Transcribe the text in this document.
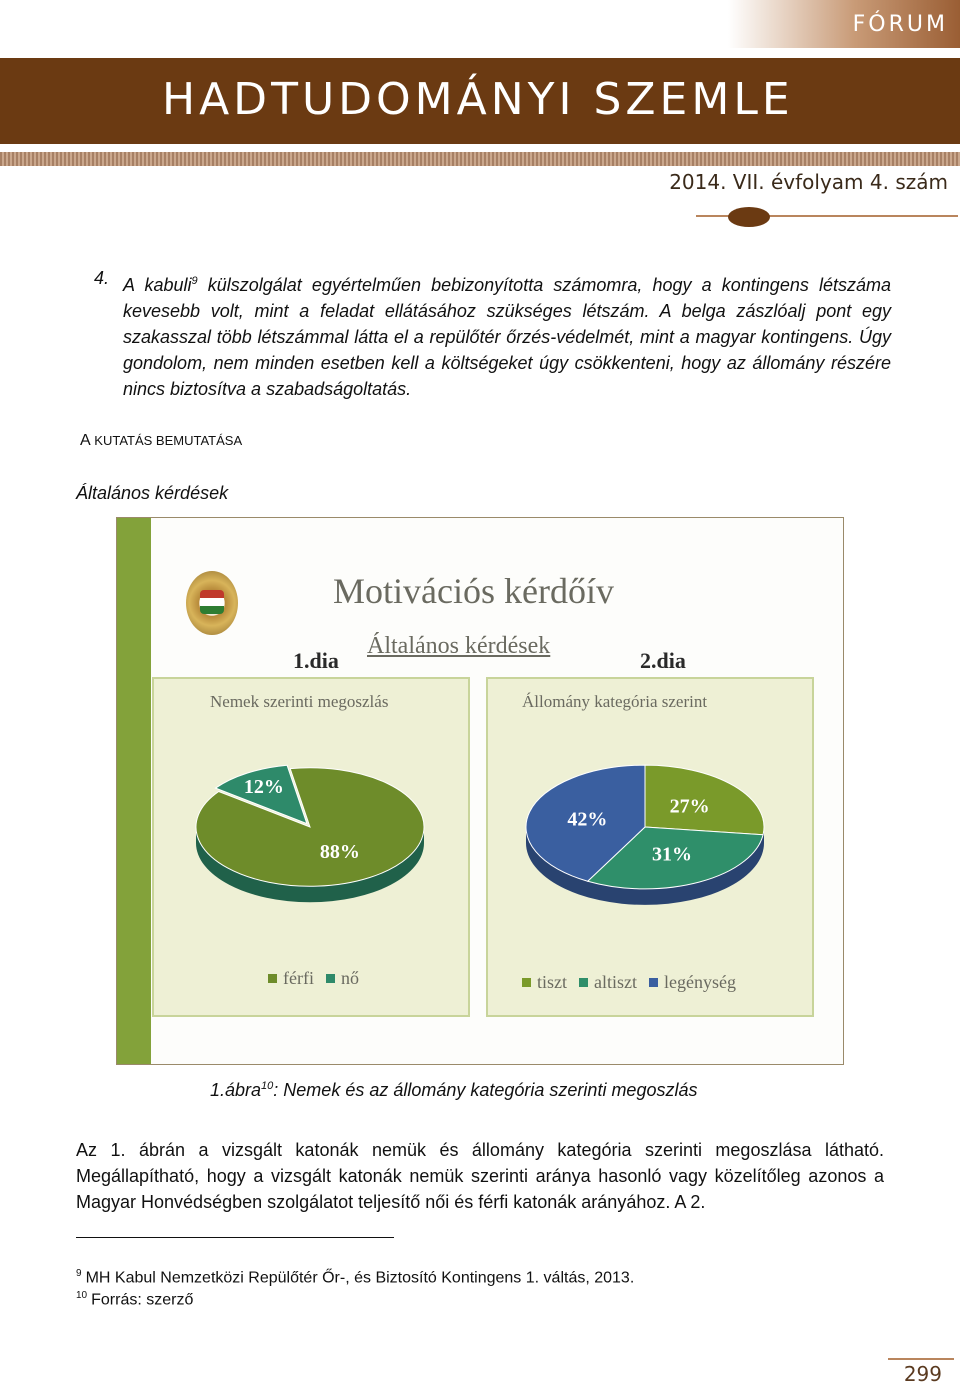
FÓRUM
HADTUDOMÁNYI SZEMLE
2014. VII. évfolyam 4. szám
4. A kabuli$^9$ külszolgálat egyértelműen bebizonyította számomra, hogy a kontingens létszáma kevesebb volt, mint a feladat ellátásához szükséges létszám. A belga zászlóalj pont egy szakasszal több létszámmal látta el a repülőtér őrzés-védelmét, mint a magyar kontingens. Úgy gondolom, nem minden esetben kell a költségeket úgy csökkenteni, hogy az állomány részére nincs biztosítva a szabadságoltatás.
A KUTATÁS BEMUTATÁSA
Általános kérdések
Motivációs kérdőív
Általános kérdések
1.dia	2.dia
Nemek szerinti megoszlás	Állomány kategória szerint
88%
12%
27%
31%
42%
férfi nő	tiszt altiszt legénység
1.ábra$^{10}$: Nemek és az állomány kategória szerinti megoszlás
Az 1. ábrán a vizsgált katonák nemük és állomány kategória szerinti megoszlása látható. Megállapítható, hogy a vizsgált katonák nemük szerinti aránya hasonló vagy közelítőleg azonos a Magyar Honvédségben szolgálatot teljesítő női és férfi katonák arányához. A 2.
$^9$ MH Kabul Nemzetközi Repülőtér Őr-, és Biztosító Kontingens 1. váltás, 2013.
$^{10}$ Forrás: szerző
299
